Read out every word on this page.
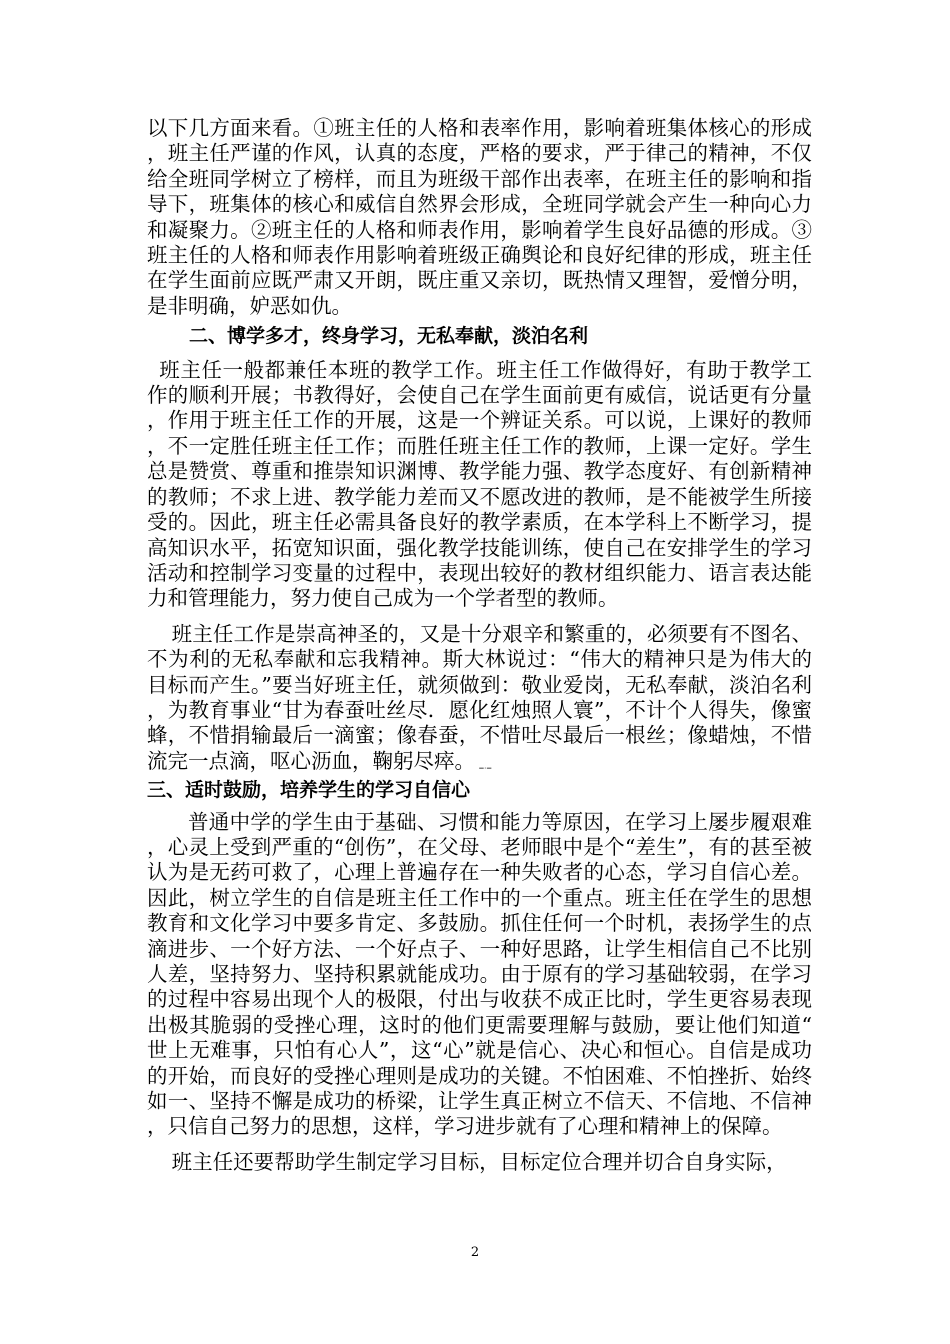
以下几方面来看。①班主任的人格和表率作用，影响着班集体核心的形成，班主任严谨的作风，认真的态度，严格的要求，严于律己的精神，不仅给全班同学树立了榜样，而且为班级干部作出表率，在班主任的影响和指导下，班集体的核心和威信自然界会形成，全班同学就会产生一种向心力和凝聚力。②班主任的人格和师表作用，影响着学生良好品德的形成。③班主任的人格和师表作用影响着班级正确舆论和良好纪律的形成，班主任在学生面前应既严肃又开朗，既庄重又亲切，既热情又理智，爱憎分明，是非明确，妒恶如仇。

二、博学多才，终身学习，无私奉献，淡泊名利

班主任一般都兼任本班的教学工作。班主任工作做得好，有助于教学工作的顺利开展；书教得好，会使自己在学生面前更有威信，说话更有分量，作用于班主任工作的开展，这是一个辨证关系。可以说，上课好的教师，不一定胜任班主任工作；而胜任班主任工作的教师，上课一定好。学生总是赞赏、尊重和推崇知识渊博、教学能力强、教学态度好、有创新精神的教师；不求上进、教学能力差而又不愿改进的教师，是不能被学生所接受的。因此，班主任必需具备良好的教学素质，在本学科上不断学习，提高知识水平，拓宽知识面，强化教学技能训练，使自己在安排学生的学习活动和控制学习变量的过程中，表现出较好的教材组织能力、语言表达能力和管理能力，努力使自己成为一个学者型的教师。

班主任工作是崇高神圣的，又是十分艰辛和繁重的，必须要有不图名、不为利的无私奉献和忘我精神。斯大林说过：“伟大的精神只是为伟大的目标而产生。”要当好班主任，就须做到：敬业爱岗，无私奉献，淡泊名利，为教育事业“甘为春蚕吐丝尽．愿化红烛照人寰”，不计个人得失，像蜜蜂，不惜捐输最后一滴蜜；像春蚕，不惜吐尽最后一根丝；像蜡烛，不惜流完一点滴，呕心沥血，鞠躬尽瘁。﹎

三、适时鼓励，培养学生的学习自信心

普通中学的学生由于基础、习惯和能力等原因，在学习上屡步履艰难，心灵上受到严重的“创伤”，在父母、老师眼中是个“差生”，有的甚至被认为是无药可救了，心理上普遍存在一种失败者的心态，学习自信心差。因此，树立学生的自信是班主任工作中的一个重点。班主任在学生的思想教育和文化学习中要多肯定、多鼓励。抓住任何一个时机，表扬学生的点滴进步、一个好方法、一个好点子、一种好思路，让学生相信自己不比别人差，坚持努力、坚持积累就能成功。由于原有的学习基础较弱，在学习的过程中容易出现个人的极限，付出与收获不成正比时，学生更容易表现出极其脆弱的受挫心理，这时的他们更需要理解与鼓励，要让他们知道“世上无难事，只怕有心人”，这“心”就是信心、决心和恒心。自信是成功的开始，而良好的受挫心理则是成功的关键。不怕困难、不怕挫折、始终如一、坚持不懈是成功的桥梁，让学生真正树立不信天、不信地、不信神，只信自己努力的思想，这样，学习进步就有了心理和精神上的保障。

班主任还要帮助学生制定学习目标，目标定位合理并切合自身实际，

2
